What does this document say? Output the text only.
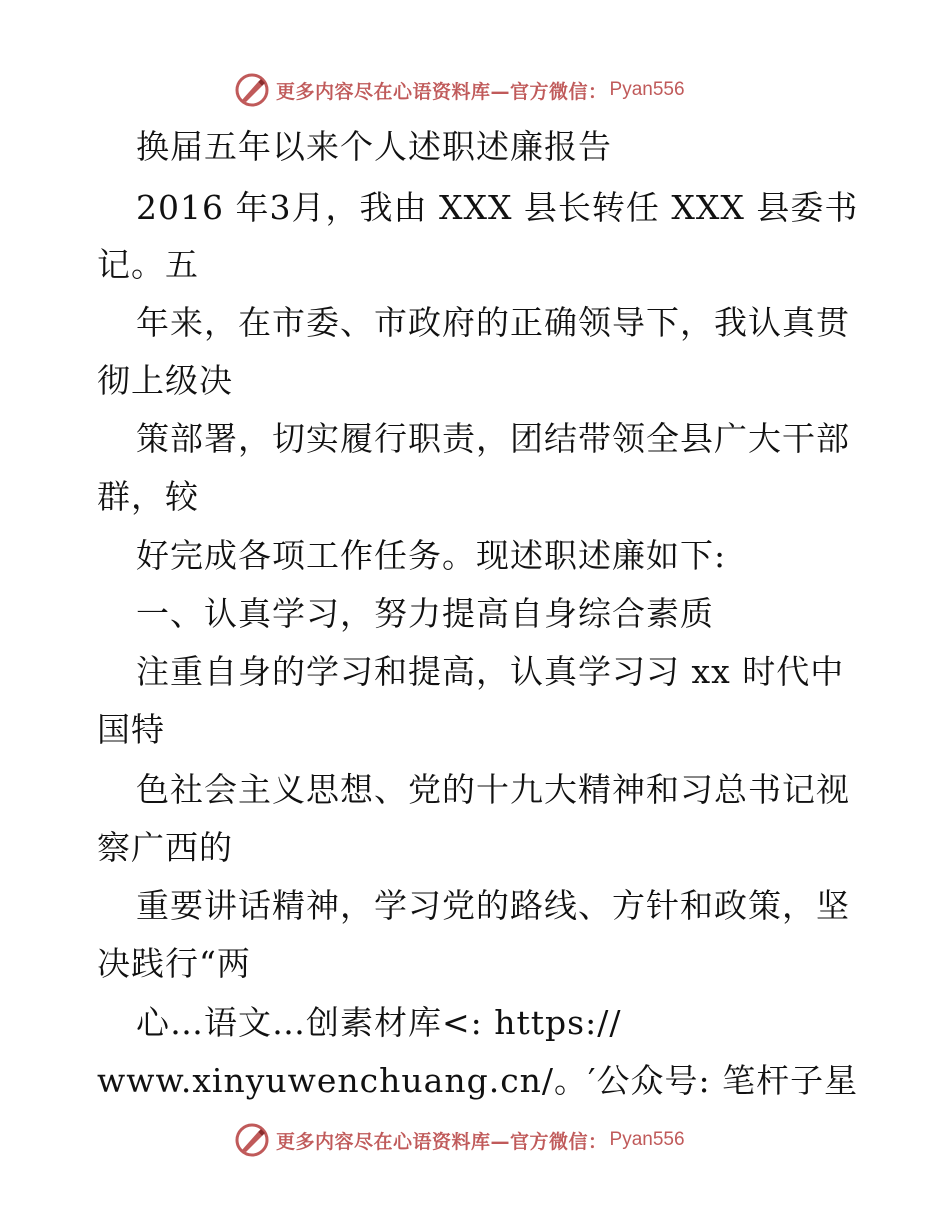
更多内容尽在心语资料库—官方微信： Pyan556
换届五年以来个人述职述廉报告
2016 年3月，我由 XXX 县长转任 XXX 县委书
记。五
年来，在市委、市政府的正确领导下，我认真贯
彻上级决
策部署，切实履行职责，团结带领全县广大干部
群，较
好完成各项工作任务。现述职述廉如下:
一、认真学习，努力提高自身综合素质
注重自身的学习和提高，认真学习习 xx 时代中
国特
色社会主义思想、党的十九大精神和习总书记视
察广西的
重要讲话精神，学习党的路线、方针和政策，坚
决践行“两
心…语文…创素材库<: https://
www.xinyuwenchuang.cn/。′公众号: 笔杆子星
更多内容尽在心语资料库—官方微信： Pyan556
